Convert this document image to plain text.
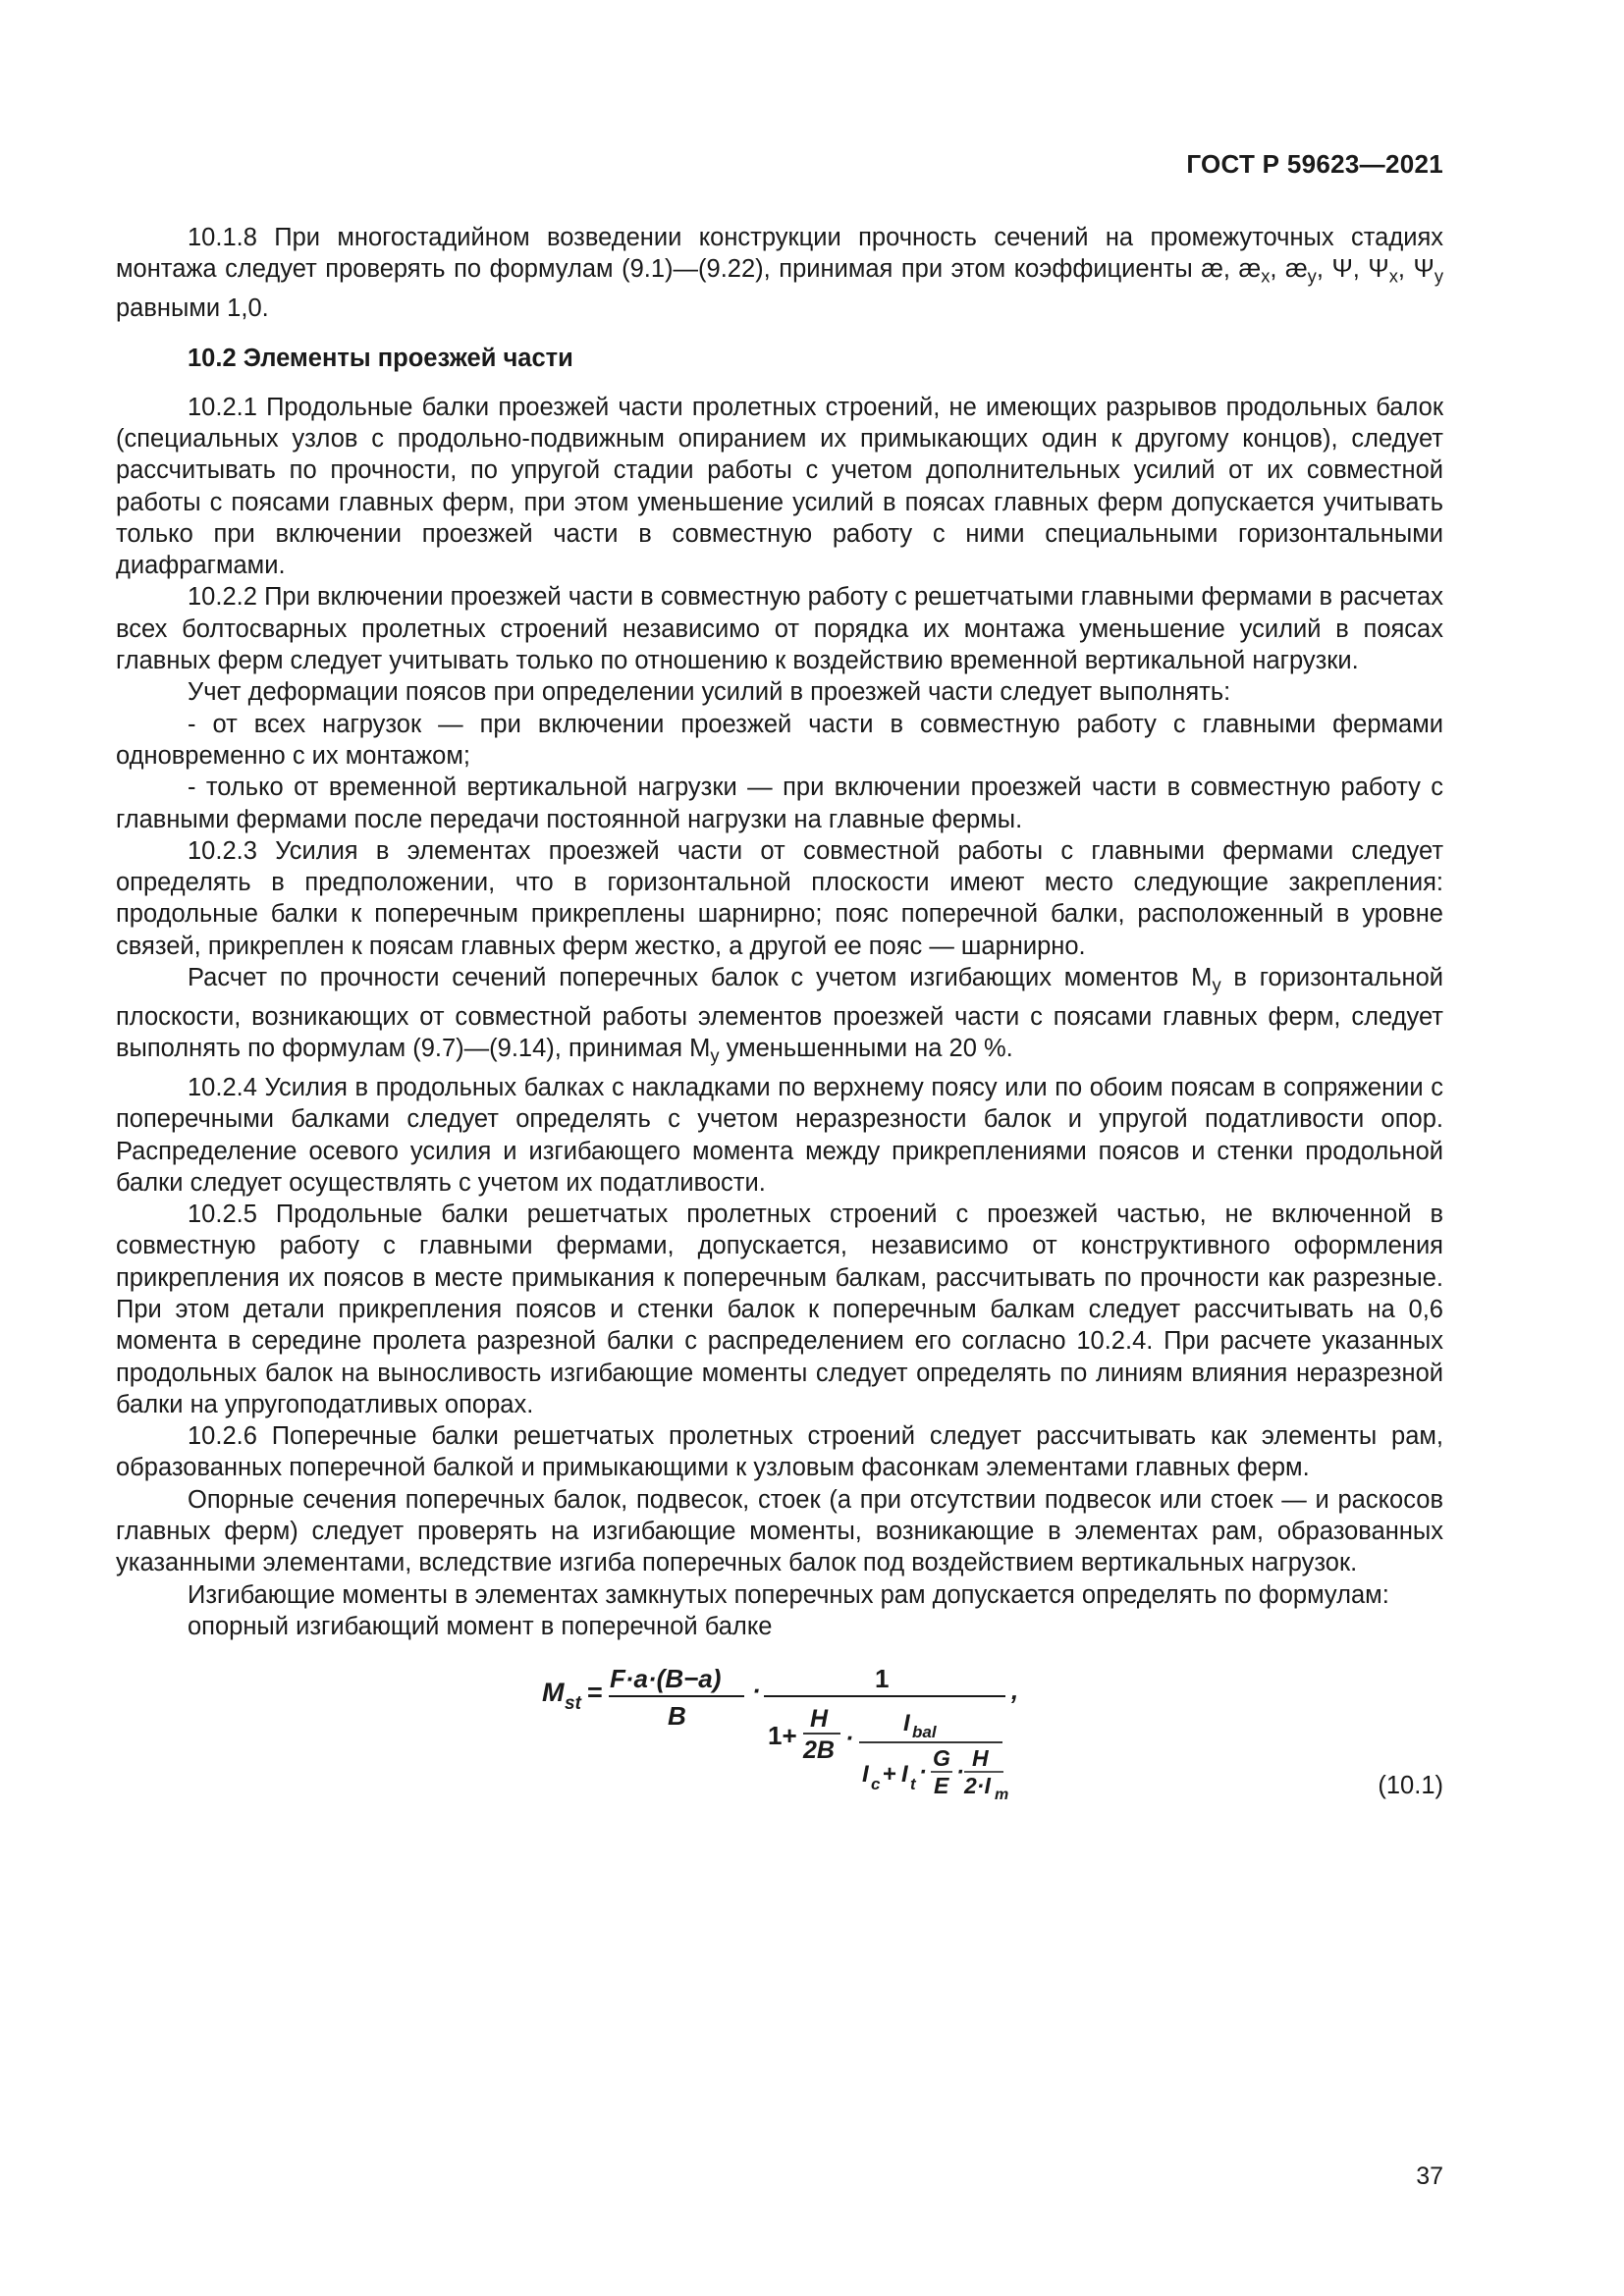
ГОСТ Р 59623—2021

10.1.8 При многостадийном возведении конструкции прочность сечений на промежуточных стадиях монтажа следует проверять по формулам (9.1)—(9.22), принимая при этом коэффициенты æ, $æ_x$, $æ_y$, Ψ, $\Psi_x$, $\Psi_y$ равными 1,0.

10.2 Элементы проезжей части

10.2.1 Продольные балки проезжей части пролетных строений, не имеющих разрывов продольных балок (специальных узлов с продольно-подвижным опиранием их примыкающих один к другому концов), следует рассчитывать по прочности, по упругой стадии работы с учетом дополнительных усилий от их совместной работы с поясами главных ферм, при этом уменьшение усилий в поясах главных ферм допускается учитывать только при включении проезжей части в совместную работу с ними специальными горизонтальными диафрагмами.

10.2.2 При включении проезжей части в совместную работу с решетчатыми главными фермами в расчетах всех болтосварных пролетных строений независимо от порядка их монтажа уменьшение усилий в поясах главных ферм следует учитывать только по отношению к воздействию временной вертикальной нагрузки.

Учет деформации поясов при определении усилий в проезжей части следует выполнять:

- от всех нагрузок — при включении проезжей части в совместную работу с главными фермами одновременно с их монтажом;

- только от временной вертикальной нагрузки — при включении проезжей части в совместную работу с главными фермами после передачи постоянной нагрузки на главные фермы.

10.2.3 Усилия в элементах проезжей части от совместной работы с главными фермами следует определять в предположении, что в горизонтальной плоскости имеют место следующие закрепления: продольные балки к поперечным прикреплены шарнирно; пояс поперечной балки, расположенный в уровне связей, прикреплен к поясам главных ферм жестко, а другой ее пояс — шарнирно.

Расчет по прочности сечений поперечных балок с учетом изгибающих моментов $M_y$ в горизонтальной плоскости, возникающих от совместной работы элементов проезжей части с поясами главных ферм, следует выполнять по формулам (9.7)—(9.14), принимая $M_y$ уменьшенными на 20 %.

10.2.4 Усилия в продольных балках с накладками по верхнему поясу или по обоим поясам в сопряжении с поперечными балками следует определять с учетом неразрезности балок и упругой податливости опор. Распределение осевого усилия и изгибающего момента между прикреплениями поясов и стенки продольной балки следует осуществлять с учетом их податливости.

10.2.5 Продольные балки решетчатых пролетных строений с проезжей частью, не включенной в совместную работу с главными фермами, допускается, независимо от конструктивного оформления прикрепления их поясов в месте примыкания к поперечным балкам, рассчитывать по прочности как разрезные. При этом детали прикрепления поясов и стенки балок к поперечным балкам следует рассчитывать на 0,6 момента в середине пролета разрезной балки с распределением его согласно 10.2.4. При расчете указанных продольных балок на выносливость изгибающие моменты следует определять по линиям влияния неразрезной балки на упругоподатливых опорах.

10.2.6 Поперечные балки решетчатых пролетных строений следует рассчитывать как элементы рам, образованных поперечной балкой и примыкающими к узловым фасонкам элементами главных ферм.

Опорные сечения поперечных балок, подвесок, стоек (а при отсутствии подвесок или стоек — и раскосов главных ферм) следует проверять на изгибающие моменты, возникающие в элементах рам, образованных указанными элементами, вследствие изгиба поперечных балок под воздействием вертикальных нагрузок.

Изгибающие моменты в элементах замкнутых поперечных рам допускается определять по формулам:

опорный изгибающий момент в поперечной балке

M st = F·a·(B−a)
B
·	1
1+
H
2B ·
I bal
I c + I t ·
G
E ·
H
2·I m
,
(10.1)
37
